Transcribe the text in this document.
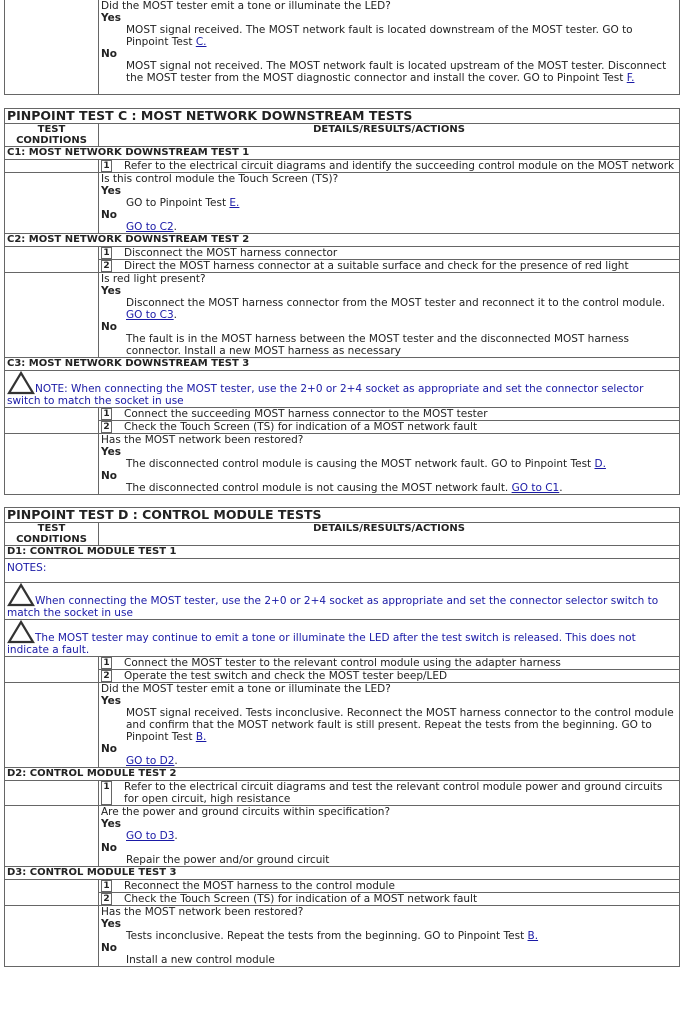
	Did the MOST tester emit a tone or illuminate the LED?
Yes
MOST signal received. The MOST network fault is located downstream of the MOST tester. GO to Pinpoint Test C.
No
MOST signal not received. The MOST network fault is located upstream of the MOST tester. Disconnect the MOST tester from the MOST diagnostic connector and install the cover. GO to Pinpoint Test F.
PINPOINT TEST C : MOST NETWORK DOWNSTREAM TESTS
TEST CONDITIONS	DETAILS/RESULTS/ACTIONS
C1: MOST NETWORK DOWNSTREAM TEST 1	

	1 Refer to the electrical circuit diagrams and identify the succeeding control module on the MOST network

	Is this control module the Touch Screen (TS)?
Yes
GO to Pinpoint Test E.
No
GO to C2.

C2: MOST NETWORK DOWNSTREAM TEST 2	

	1 Disconnect the MOST harness connector
2 Direct the MOST harness connector at a suitable surface and check for the presence of red light

	Is red light present?
Yes
Disconnect the MOST harness connector from the MOST tester and reconnect it to the control module. GO to C3.
No
The fault is in the MOST harness between the MOST tester and the disconnected MOST harness connector. Install a new MOST harness as necessary

C3: MOST NETWORK DOWNSTREAM TEST 3	
NOTE: When connecting the MOST tester, use the 2+0 or 2+4 socket as appropriate and set the connector selector switch to match the socket in use	

	1 Connect the succeeding MOST harness connector to the MOST tester
2 Check the Touch Screen (TS) for indication of a MOST network fault

	Has the MOST network been restored?
Yes
The disconnected control module is causing the MOST network fault. GO to Pinpoint Test D.
No
The disconnected control module is not causing the MOST network fault. GO to C1.
PINPOINT TEST D : CONTROL MODULE TESTS
TEST CONDITIONS	DETAILS/RESULTS/ACTIONS
D1: CONTROL MODULE TEST 1	

NOTES:
When connecting the MOST tester, use the 2+0 or 2+4 socket as appropriate and set the connector selector switch to match the socket in use
The MOST tester may continue to emit a tone or illuminate the LED after the test switch is released. This does not indicate a fault.	

	1 Connect the MOST tester to the relevant control module using the adapter harness
2 Operate the test switch and check the MOST tester beep/LED

	Did the MOST tester emit a tone or illuminate the LED?
Yes
MOST signal received. Tests inconclusive. Reconnect the MOST harness connector to the control module and confirm that the MOST network fault is still present. Repeat the tests from the beginning. GO to Pinpoint Test B.
No
GO to D2.

D2: CONTROL MODULE TEST 2	

	1 Refer to the electrical circuit diagrams and test the relevant control module power and ground circuits for open circuit, high resistance

	Are the power and ground circuits within specification?
Yes
GO to D3.
No
Repair the power and/or ground circuit

D3: CONTROL MODULE TEST 3	

	1 Reconnect the MOST harness to the control module
2 Check the Touch Screen (TS) for indication of a MOST network fault

	Has the MOST network been restored?
Yes
Tests inconclusive. Repeat the tests from the beginning. GO to Pinpoint Test B.
No
Install a new control module
